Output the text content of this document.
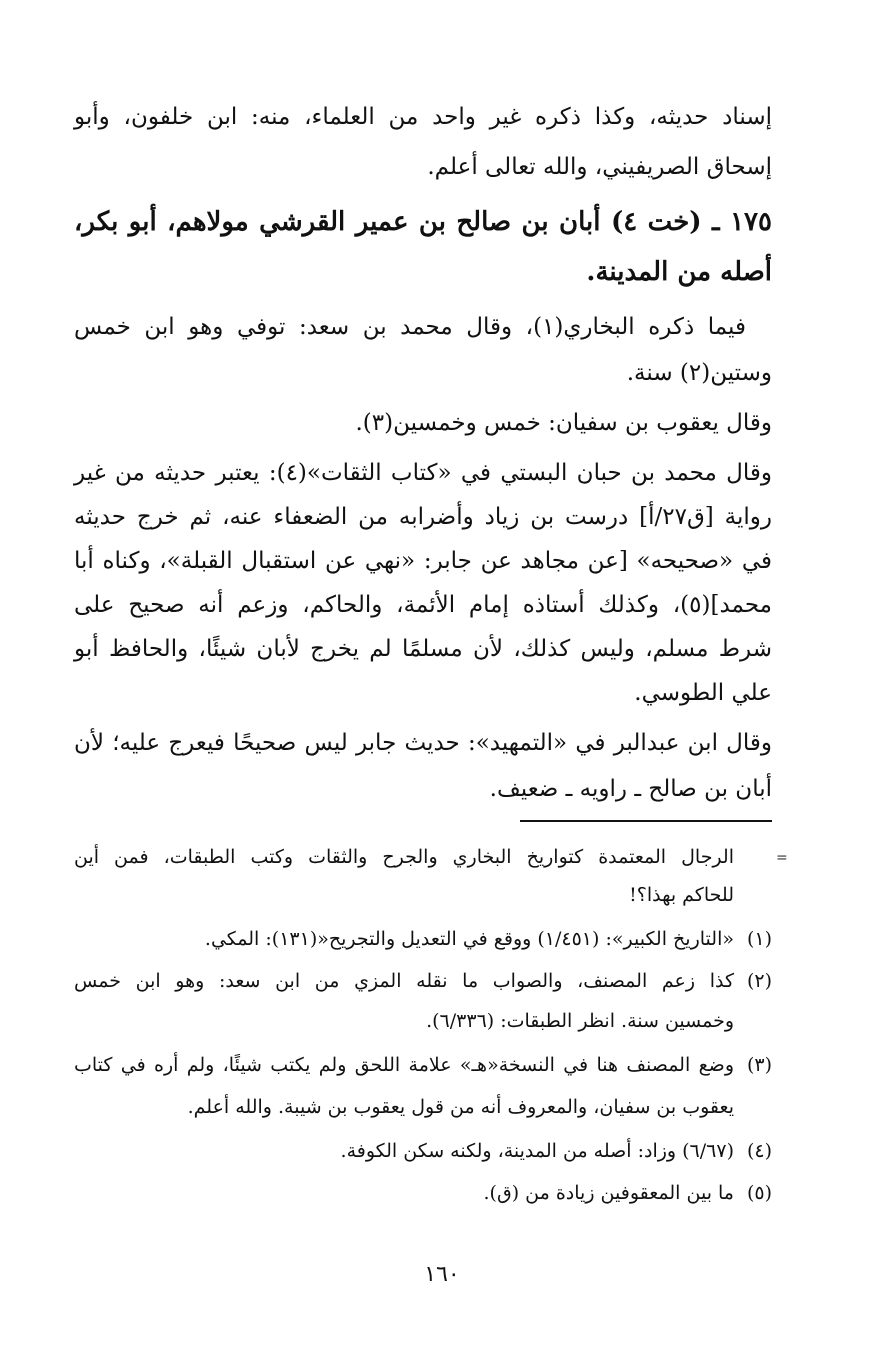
إسناد حديثه، وكذا ذكره غير واحد من العلماء، منه: ابن خلفون، وأبو
إسحاق الصريفيني، والله تعالى أعلم.
١٧٥ ـ (خت ٤) أبان بن صالح بن عمير القرشي مولاهم، أبو بكر،
أصله من المدينة.
فيما ذكره البخاري(١)، وقال محمد بن سعد: توفي وهو ابن خمس
وستين(٢) سنة.
وقال يعقوب بن سفيان: خمس وخمسين(٣).
وقال محمد بن حبان البستي في «كتاب الثقات»(٤): يعتبر حديثه من غير
رواية [ق٢٧/أ] درست بن زياد وأضرابه من الضعفاء عنه، ثم خرج حديثه
في «صحيحه» [عن مجاهد عن جابر: «نهي عن استقبال القبلة»، وكناه أبا
محمد](٥)، وكذلك أستاذه إمام الأئمة، والحاكم، وزعم أنه صحيح على
شرط مسلم، وليس كذلك، لأن مسلمًا لم يخرج لأبان شيئًا، والحافظ أبو
علي الطوسي.
وقال ابن عبدالبر في «التمهيد»: حديث جابر ليس صحيحًا فيعرج عليه؛ لأن
أبان بن صالح ـ راويه ـ ضعيف.
الرجال المعتمدة كتواريخ البخاري والجرح والثقات وكتب الطبقات، فمن أين
للحاكم بهذا؟!
(١)«التاريخ الكبير»: (١/٤٥١) ووقع في التعديل والتجريح«(١٣١): المكي.
(٢)كذا زعم المصنف، والصواب ما نقله المزي من ابن سعد: وهو ابن خمس
وخمسين سنة. انظر الطبقات: (٦/٣٣٦).
(٣)وضع المصنف هنا في النسخة«هـ» علامة اللحق ولم يكتب شيئًا، ولم أره في كتاب
يعقوب بن سفيان، والمعروف أنه من قول يعقوب بن شيبة. والله أعلم.
(٤)(٦/٦٧) وزاد: أصله من المدينة، ولكنه سكن الكوفة.
(٥)ما بين المعقوفين زيادة من (ق).
=
١٦٠
